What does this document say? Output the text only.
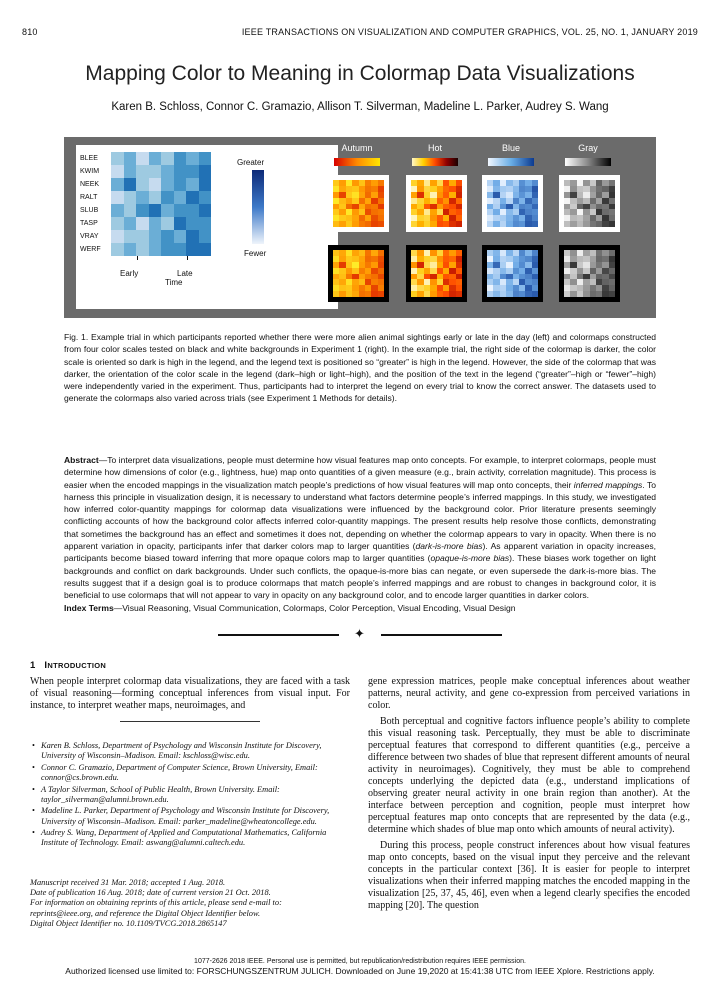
810	IEEE TRANSACTIONS ON VISUALIZATION AND COMPUTER GRAPHICS, VOL. 25, NO. 1, JANUARY 2019
Mapping Color to Meaning in Colormap Data Visualizations
Karen B. Schloss, Connor C. Gramazio, Allison T. Silverman, Madeline L. Parker, Audrey S. Wang
BLEE
KWIM
NEEK
RALT
SLUB
TASP
VRAY
WERF
Greater
Fewer
Early	Late
Time
Autumn	Hot	Blue	Gray
Fig. 1. Example trial in which participants reported whether there were more alien animal sightings early or late in the day (left) and colormaps constructed from four color scales tested on black and white backgrounds in Experiment 1 (right). In the example trial, the right side of the colormap is darker, the color scale is oriented so dark is high in the legend, and the legend text is positioned so “greater” is high in the legend. However, the side of the colormap that was darker, the orientation of the color scale in the legend (dark–high or light–high), and the position of the text in the legend (“greater”–high or “fewer”–high) were independently varied in the experiment. Thus, participants had to interpret the legend on every trial to know the correct answer. The datasets used to generate the colormaps also varied across trials (see Experiment 1 Methods for details).
Abstract—To interpret data visualizations, people must determine how visual features map onto concepts. For example, to interpret colormaps, people must determine how dimensions of color (e.g., lightness, hue) map onto quantities of a given measure (e.g., brain activity, correlation magnitude). This process is easier when the encoded mappings in the visualization match people’s predictions of how visual features will map onto concepts, their inferred mappings. To harness this principle in visualization design, it is necessary to understand what factors determine people’s inferred mappings. In this study, we investigated how inferred color-quantity mappings for colormap data visualizations were influenced by the background color. Prior literature presents seemingly conflicting accounts of how the background color affects inferred color-quantity mappings. The present results help resolve those conflicts, demonstrating that sometimes the background has an effect and sometimes it does not, depending on whether the colormap appears to vary in opacity. When there is no apparent variation in opacity, participants infer that darker colors map to larger quantities (dark-is-more bias). As apparent variation in opacity increases, participants become biased toward inferring that more opaque colors map to larger quantities (opaque-is-more bias). These biases work together on light backgrounds and conflict on dark backgrounds. Under such conflicts, the opaque-is-more bias can negate, or even supersede the dark-is-more bias. The results suggest that if a design goal is to produce colormaps that match people’s inferred mappings and are robust to changes in background color, it is beneficial to use colormaps that will not appear to vary in opacity on any background color, and to encode larger quantities in darker colors.
Index Terms—Visual Reasoning, Visual Communication, Colormaps, Color Perception, Visual Encoding, Visual Design
✦
1 INTRODUCTION
When people interpret colormap data visualizations, they are faced with a task of visual reasoning—forming conceptual inferences from visual input. For instance, to interpret weather maps, neuroimages, and
• Karen B. Schloss, Department of Psychology and Wisconsin Institute for Discovery, University of Wisconsin–Madison. Email: kschloss@wisc.edu.
• Connor C. Gramazio, Department of Computer Science, Brown University, Email: connor@cs.brown.edu.
• A Taylor Silverman, School of Public Health, Brown University. Email: taylor_silverman@alumni.brown.edu.
• Madeline L. Parker, Department of Psychology and Wisconsin Institute for Discovery, University of Wisconsin–Madison. Email: parker_madeline@wheatoncollege.edu.
• Audrey S. Wang, Department of Applied and Computational Mathematics, California Institute of Technology. Email: aswang@alumni.caltech.edu.
Manuscript received 31 Mar. 2018; accepted 1 Aug. 2018.
Date of publication 16 Aug. 2018; date of current version 21 Oct. 2018.
For information on obtaining reprints of this article, please send e-mail to:
reprints@ieee.org, and reference the Digital Object Identifier below.
Digital Object Identifier no. 10.1109/TVCG.2018.2865147

gene expression matrices, people make conceptual inferences about weather patterns, neural activity, and gene co-expression from perceived variations in color.

Both perceptual and cognitive factors influence people’s ability to complete this visual reasoning task. Perceptually, they must be able to discriminate perceptual features that correspond to different quantities (e.g., perceive a difference between two shades of blue that represent different amounts of neural activity in neuroimages). Cognitively, they must be able to comprehend concepts underlying the depicted data (e.g., understand implications of observing greater neural activity in one brain region than another). At the interface between perception and cognition, people must interpret how perceptual features map onto concepts that are represented by the data (e.g., determine which shades of blue map onto which amounts of neural activity).

During this process, people construct inferences about how visual features map onto concepts, based on the visual input they perceive and the relevant concepts in the particular context [36]. It is easier for people to interpret visualizations when their inferred mapping matches the encoded mapping in the visualization [25, 37, 45, 46], even when a legend clearly specifies the encoded mapping [20]. The question

1077-2626 2018 IEEE. Personal use is permitted, but republication/redistribution requires IEEE permission.
Authorized licensed use limited to: FORSCHUNGSZENTRUM JULICH. Downloaded on June 19,2020 at 15:41:38 UTC from IEEE Xplore. Restrictions apply.
